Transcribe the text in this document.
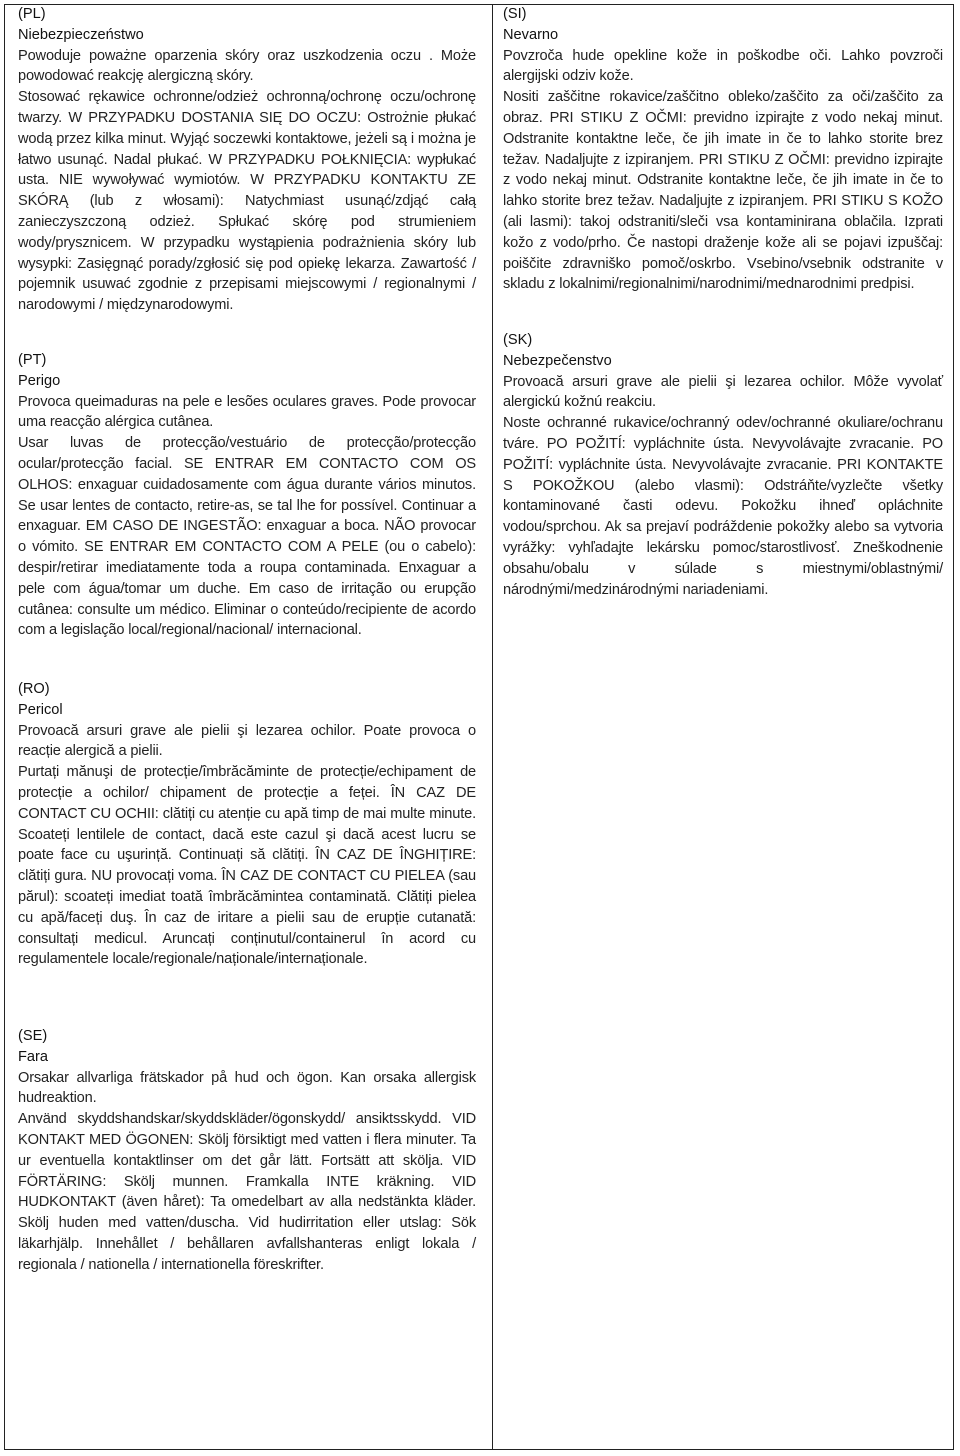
(PL)

Niebezpieczeństwo

Powoduje poważne oparzenia skóry oraz uszkodzenia oczu . Może powodować reakcję alergiczną skóry.

Stosować rękawice ochronne/odzież ochronną/ochronę oczu/ochronę twarzy. W PRZYPADKU DOSTANIA SIĘ DO OCZU: Ostrożnie płukać wodą przez kilka minut. Wyjąć soczewki kontaktowe, jeżeli są i można je łatwo usunąć. Nadal płukać. W PRZYPADKU POŁKNIĘCIA: wypłukać usta. NIE wywoływać wymiotów. W PRZYPADKU KONTAKTU ZE SKÓRĄ (lub z włosami): Natychmiast usunąć/zdjąć całą zanieczyszczoną odzież. Spłukać skórę pod strumieniem wody/prysznicem. W przypadku wystąpienia podrażnienia skóry lub wysypki: Zasięgnąć porady/zgłosić się pod opiekę lekarza. Zawartość / pojemnik usuwać zgodnie z przepisami miejscowymi / regionalnymi / narodowymi / międzynarodowymi.

(PT)

Perigo

Provoca queimaduras na pele e lesões oculares graves. Pode provocar uma reacção alérgica cutânea.

Usar luvas de protecção/vestuário de protecção/protecção ocular/protecção facial. SE ENTRAR EM CONTACTO COM OS OLHOS: enxaguar cuidadosamente com água durante vários minutos. Se usar lentes de contacto, retire-as, se tal lhe for possível. Continuar a enxaguar. EM CASO DE INGESTÃO: enxaguar a boca. NÃO provocar o vómito. SE ENTRAR EM CONTACTO COM A PELE (ou o cabelo): despir/retirar imediatamente toda a roupa contaminada. Enxaguar a pele com água/tomar um duche. Em caso de irritação ou erupção cutânea: consulte um médico. Eliminar o conteúdo/recipiente de acordo com a legislação local/regional/nacional/ internacional.

(RO)

Pericol

Provoacă arsuri grave ale pielii şi lezarea ochilor. Poate provoca o reacție alergică a pielii.

Purtați mănuşi de protecție/îmbrăcăminte de protecție/echipament de protecție a ochilor/ chipament de protecție a feței. ÎN CAZ DE CONTACT CU OCHII: clătiți cu atenție cu apă timp de mai multe minute. Scoateți lentilele de contact, dacă este cazul şi dacă acest lucru se poate face cu uşurință. Continuați să clătiți. ÎN CAZ DE ÎNGHIȚIRE: clătiți gura. NU provocați voma. ÎN CAZ DE CONTACT CU PIELEA (sau părul): scoateți imediat toată îmbrăcămintea contaminată. Clătiți pielea cu apă/faceți duş. În caz de iritare a pielii sau de erupție cutanată: consultați medicul. Aruncați conținutul/containerul în acord cu regulamentele locale/regionale/naționale/internaționale.

(SE)

Fara

Orsakar allvarliga frätskador på hud och ögon. Kan orsaka allergisk hudreaktion.

Använd skyddshandskar/skyddskläder/ögonskydd/ ansiktsskydd. VID KONTAKT MED ÖGONEN: Skölj försiktigt med vatten i flera minuter. Ta ur eventuella kontaktlinser om det går lätt. Fortsätt att skölja. VID FÖRTÄRING: Skölj munnen. Framkalla INTE kräkning. VID HUDKONTAKT (även håret): Ta omedelbart av alla nedstänkta kläder. Skölj huden med vatten/duscha. Vid hudirritation eller utslag: Sök läkarhjälp. Innehållet / behållaren avfallshanteras enligt lokala / regionala / nationella / internationella föreskrifter.

(SI)

Nevarno

Povzroča hude opekline kože in poškodbe oči. Lahko povzroči alergijski odziv kože.

Nositi zaščitne rokavice/zaščitno obleko/zaščito za oči/zaščito za obraz. PRI STIKU Z OČMI: previdno izpirajte z vodo nekaj minut. Odstranite kontaktne leče, če jih imate in če to lahko storite brez težav. Nadaljujte z izpiranjem. PRI STIKU Z OČMI: previdno izpirajte z vodo nekaj minut. Odstranite kontaktne leče, če jih imate in če to lahko storite brez težav. Nadaljujte z izpiranjem. PRI STIKU S KOŽO (ali lasmi): takoj odstraniti/sleči vsa kontaminirana oblačila. Izprati kožo z vodo/prho. Če nastopi draženje kože ali se pojavi izpuščaj: poiščite zdravniško pomoč/oskrbo. Vsebino/vsebnik odstranite v skladu z lokalnimi/regionalnimi/narodnimi/mednarodnimi predpisi.

(SK)

Nebezpečenstvo

Provoacă arsuri grave ale pielii şi lezarea ochilor. Môže vyvolať alergickú kožnú reakciu.

Noste ochranné rukavice/ochranný odev/ochranné okuliare/ochranu tváre. PO POŽITÍ: vypláchnite ústa. Nevyvolávajte zvracanie. PO POŽITÍ: vypláchnite ústa. Nevyvolávajte zvracanie. PRI KONTAKTE S POKOŽKOU (alebo vlasmi): Odstráňte/vyzlečte všetky kontaminované časti odevu. Pokožku ihneď opláchnite vodou/sprchou. Ak sa prejaví podráždenie pokožky alebo sa vytvoria vyrážky: vyhľadajte lekársku pomoc/starostlivosť. Zneškodnenie obsahu/obalu v súlade s miestnymi/oblastnými/ národnými/medzinárodnými nariadeniami.
